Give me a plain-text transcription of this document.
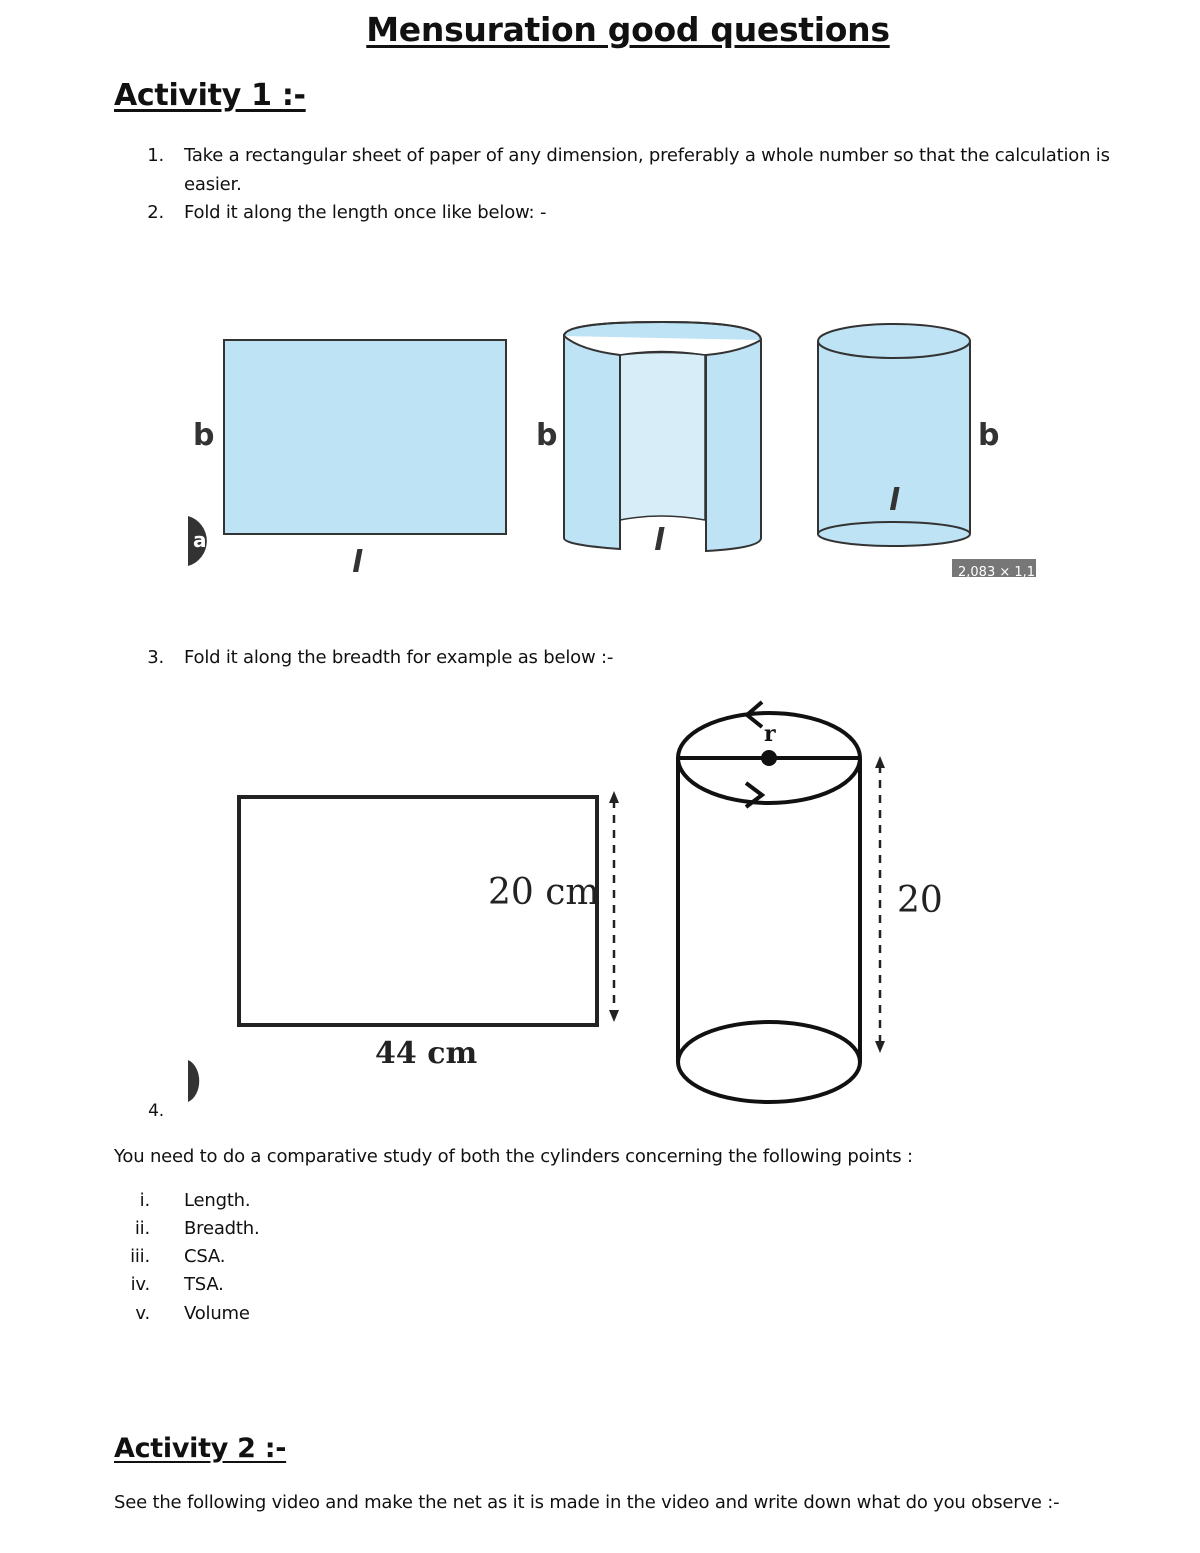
Mensuration good questions
Activity 1 :-
1. Take a rectangular sheet of paper of any dimension, preferably a whole number so that the calculation is
easier.
2. Fold it along the length once like below: -
a
b
l
b
l
b
l
2,083 × 1,15
3. Fold it along the breadth for example as below :-
20 cm
44 cm
r
20
4.
You need to do a comparative study of both the cylinders concerning the following points :
i. Length.
ii. Breadth.
iii. CSA.
iv. TSA.
v. Volume
Activity 2 :-
See the following video and make the net as it is made in the video and write down what do you observe :-
